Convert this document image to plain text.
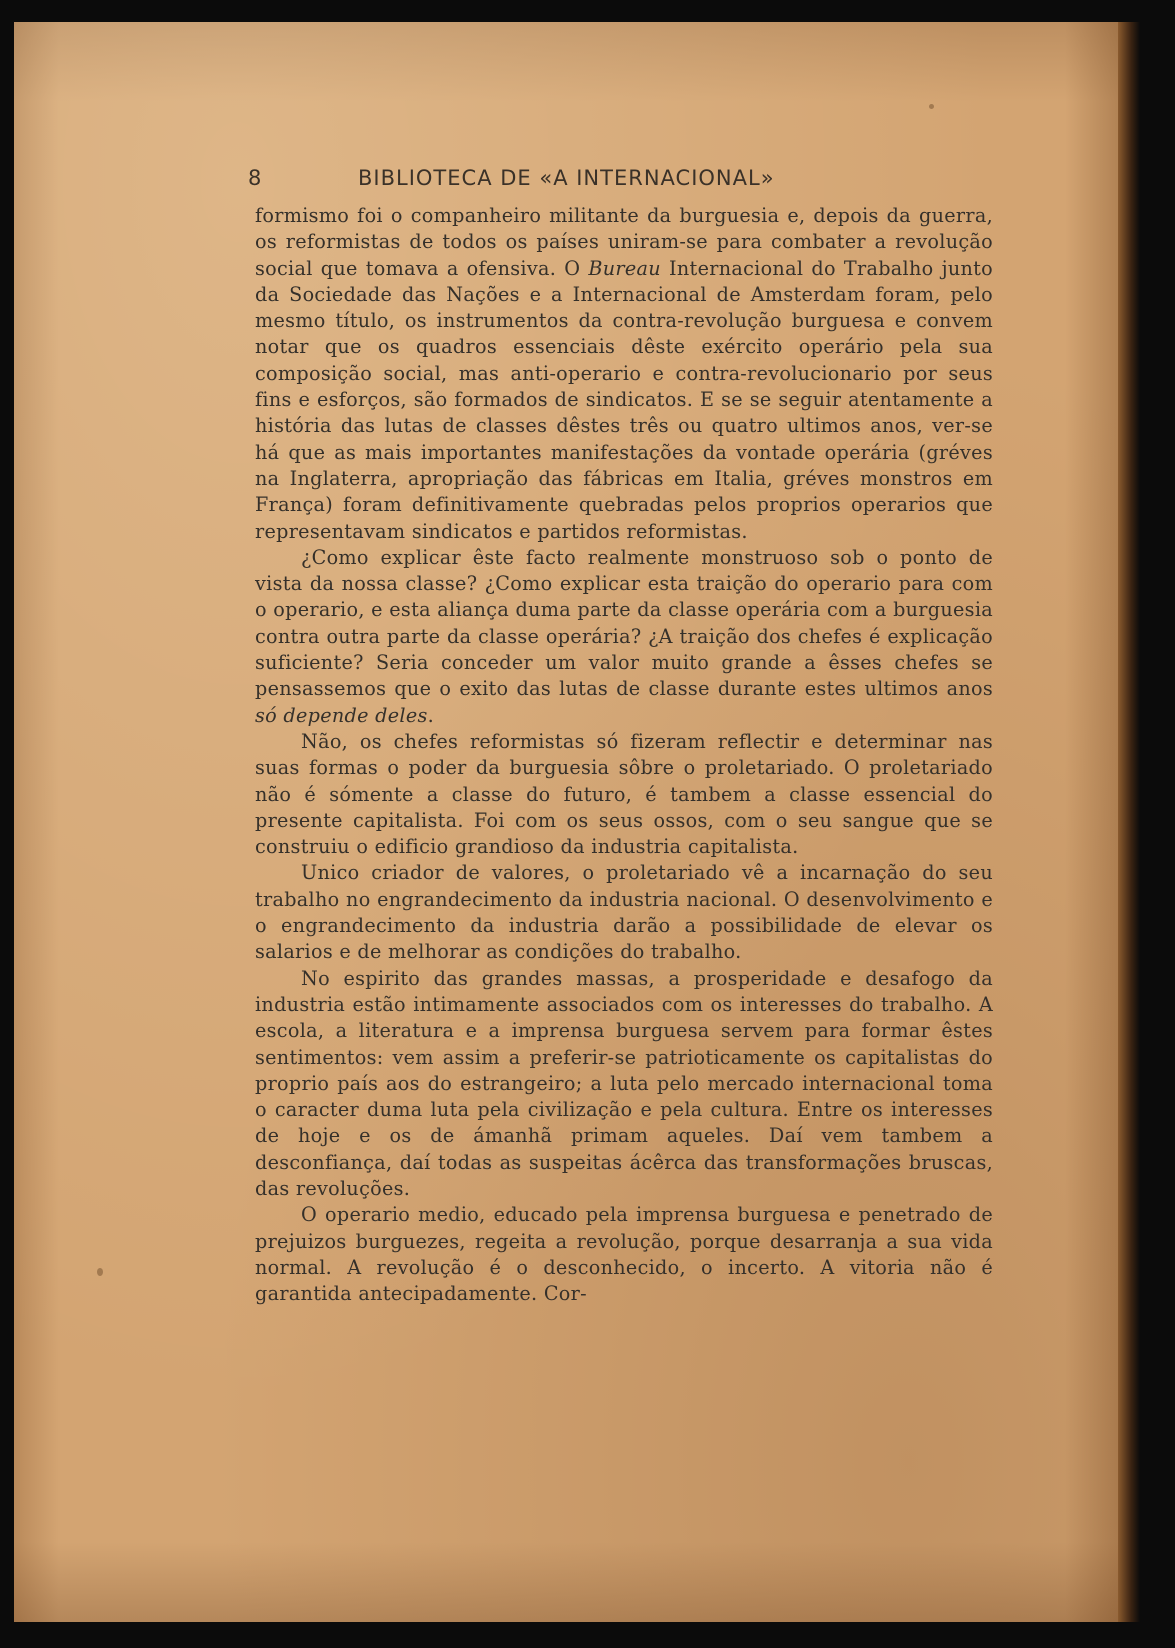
8	BIBLIOTECA DE «A INTERNACIONAL»

formismo foi o companheiro militante da burguesia e, depois da guerra, os reformistas de todos os países uniram-se para combater a revolução social que tomava a ofensiva. O Bureau Internacional do Trabalho junto da Sociedade das Nações e a Internacional de Amsterdam foram, pelo mesmo título, os instrumentos da contra-revolução burguesa e convem notar que os quadros essenciais dêste exército operário pela sua composição social, mas anti-operario e contra-revolucionario por seus fins e esforços, são formados de sindicatos. E se se seguir atentamente a história das lutas de classes dêstes três ou quatro ultimos anos, ver-se há que as mais importantes manifestações da vontade operária (gréves na Inglaterra, apropriação das fábricas em Italia, gréves monstros em França) foram definitivamente quebradas pelos proprios operarios que representavam sindicatos e partidos reformistas.

¿Como explicar êste facto realmente monstruoso sob o ponto de vista da nossa classe? ¿Como explicar esta traição do operario para com o operario, e esta aliança duma parte da classe operária com a burguesia contra outra parte da classe operária? ¿A traição dos chefes é explicação suficiente? Seria conceder um valor muito grande a êsses chefes se pensassemos que o exito das lutas de classe durante estes ultimos anos só depende deles.

Não, os chefes reformistas só fizeram reflectir e determinar nas suas formas o poder da burguesia sôbre o proletariado. O proletariado não é sómente a classe do futuro, é tambem a classe essencial do presente capitalista. Foi com os seus ossos, com o seu sangue que se construiu o edificio grandioso da industria capitalista.

Unico criador de valores, o proletariado vê a incarnação do seu trabalho no engrandecimento da industria nacional. O desenvolvimento e o engrandecimento da industria darão a possibilidade de elevar os salarios e de melhorar as condições do trabalho.

No espirito das grandes massas, a prosperidade e desafogo da industria estão intimamente associados com os interesses do trabalho. A escola, a literatura e a imprensa burguesa servem para formar êstes sentimentos: vem assim a preferir-se patrioticamente os capitalistas do proprio país aos do estrangeiro; a luta pelo mercado internacional toma o caracter duma luta pela civilização e pela cultura. Entre os interesses de hoje e os de ámanhã primam aqueles. Daí vem tambem a desconfiança, daí todas as suspeitas ácêrca das transformações bruscas, das revoluções.

O operario medio, educado pela imprensa burguesa e penetrado de prejuizos burguezes, regeita a revolução, porque desarranja a sua vida normal. A revolução é o desconhecido, o incerto. A vitoria não é garantida antecipadamente. Cor-
